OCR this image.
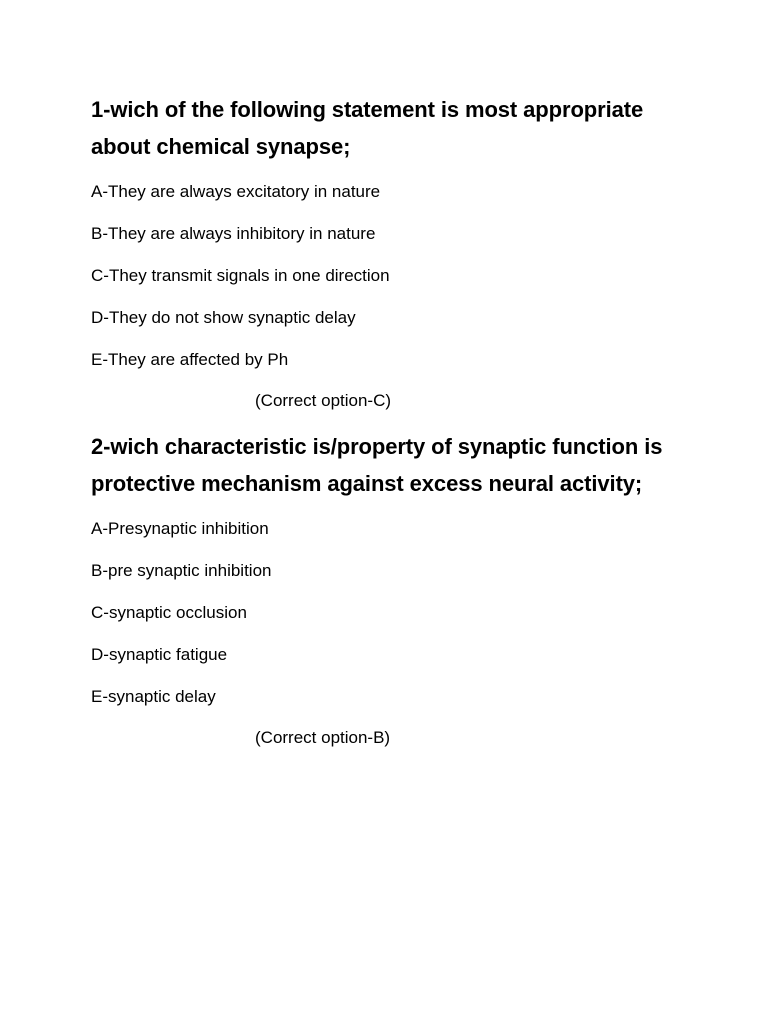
1-wich of the following statement is most appropriate about chemical synapse;
A-They are always excitatory in nature
B-They are always inhibitory in nature
C-They transmit signals in one direction
D-They do not show synaptic delay
E-They are affected by Ph
(Correct option-C)
2-wich characteristic is/property of synaptic function is protective mechanism against excess neural activity;
A-Presynaptic inhibition
B-pre synaptic inhibition
C-synaptic occlusion
D-synaptic fatigue
E-synaptic delay
(Correct option-B)
